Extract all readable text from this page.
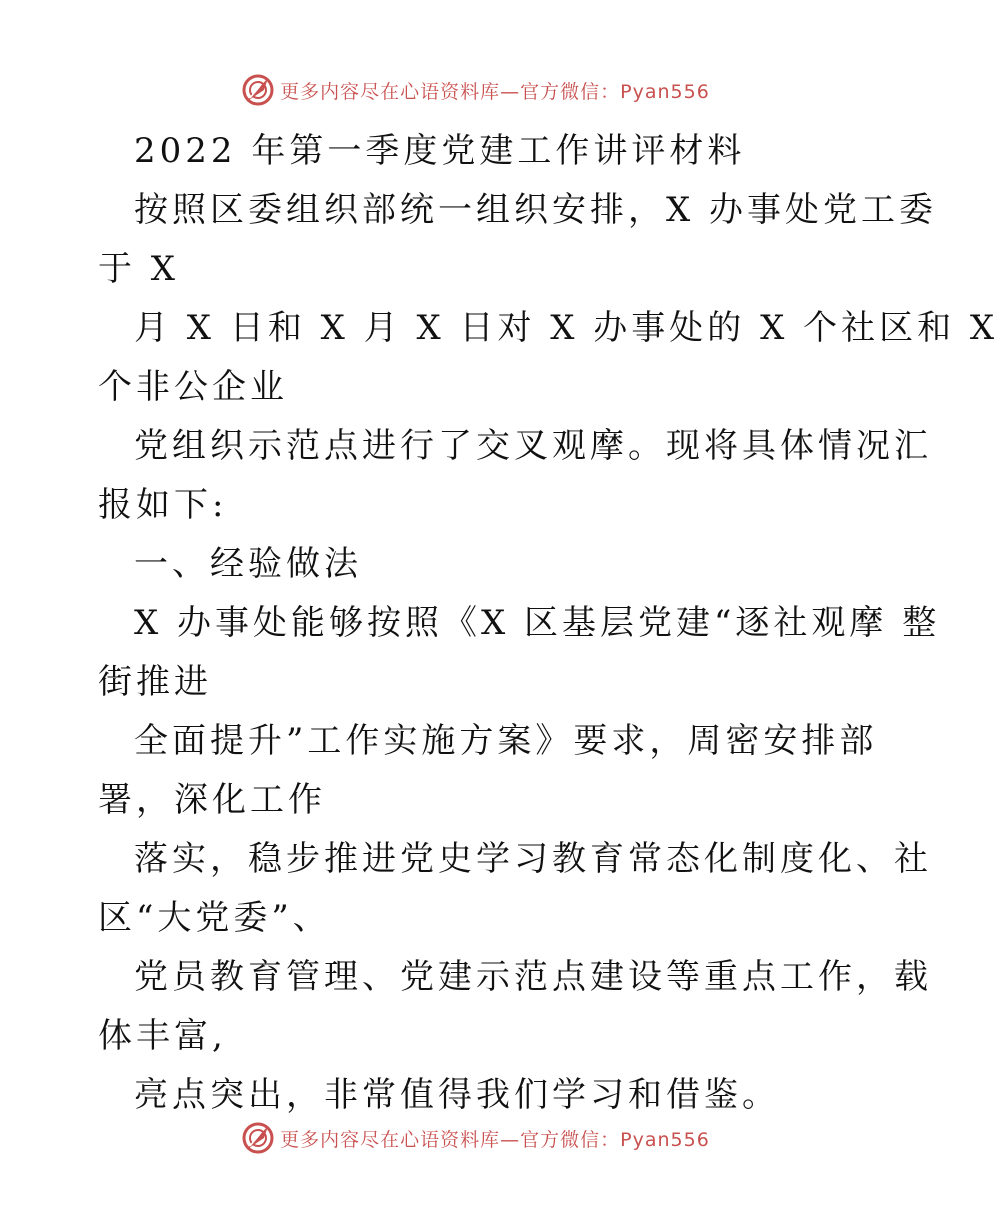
更多内容尽在心语资料库—官方微信：Pyan556
2022 年第一季度党建工作讲评材料
按照区委组织部统一组织安排，X 办事处党工委
于 X
月 X 日和 X 月 X 日对 X 办事处的 X 个社区和 X
个非公企业
党组织示范点进行了交叉观摩。现将具体情况汇
报如下:
一、经验做法
X 办事处能够按照《X 区基层党建“逐社观摩 整
街推进
全面提升”工作实施方案》要求，周密安排部
署，深化工作
落实，稳步推进党史学习教育常态化制度化、社
区“大党委”、
党员教育管理、党建示范点建设等重点工作，载
体丰富,
亮点突出，非常值得我们学习和借鉴。
更多内容尽在心语资料库—官方微信：Pyan556
